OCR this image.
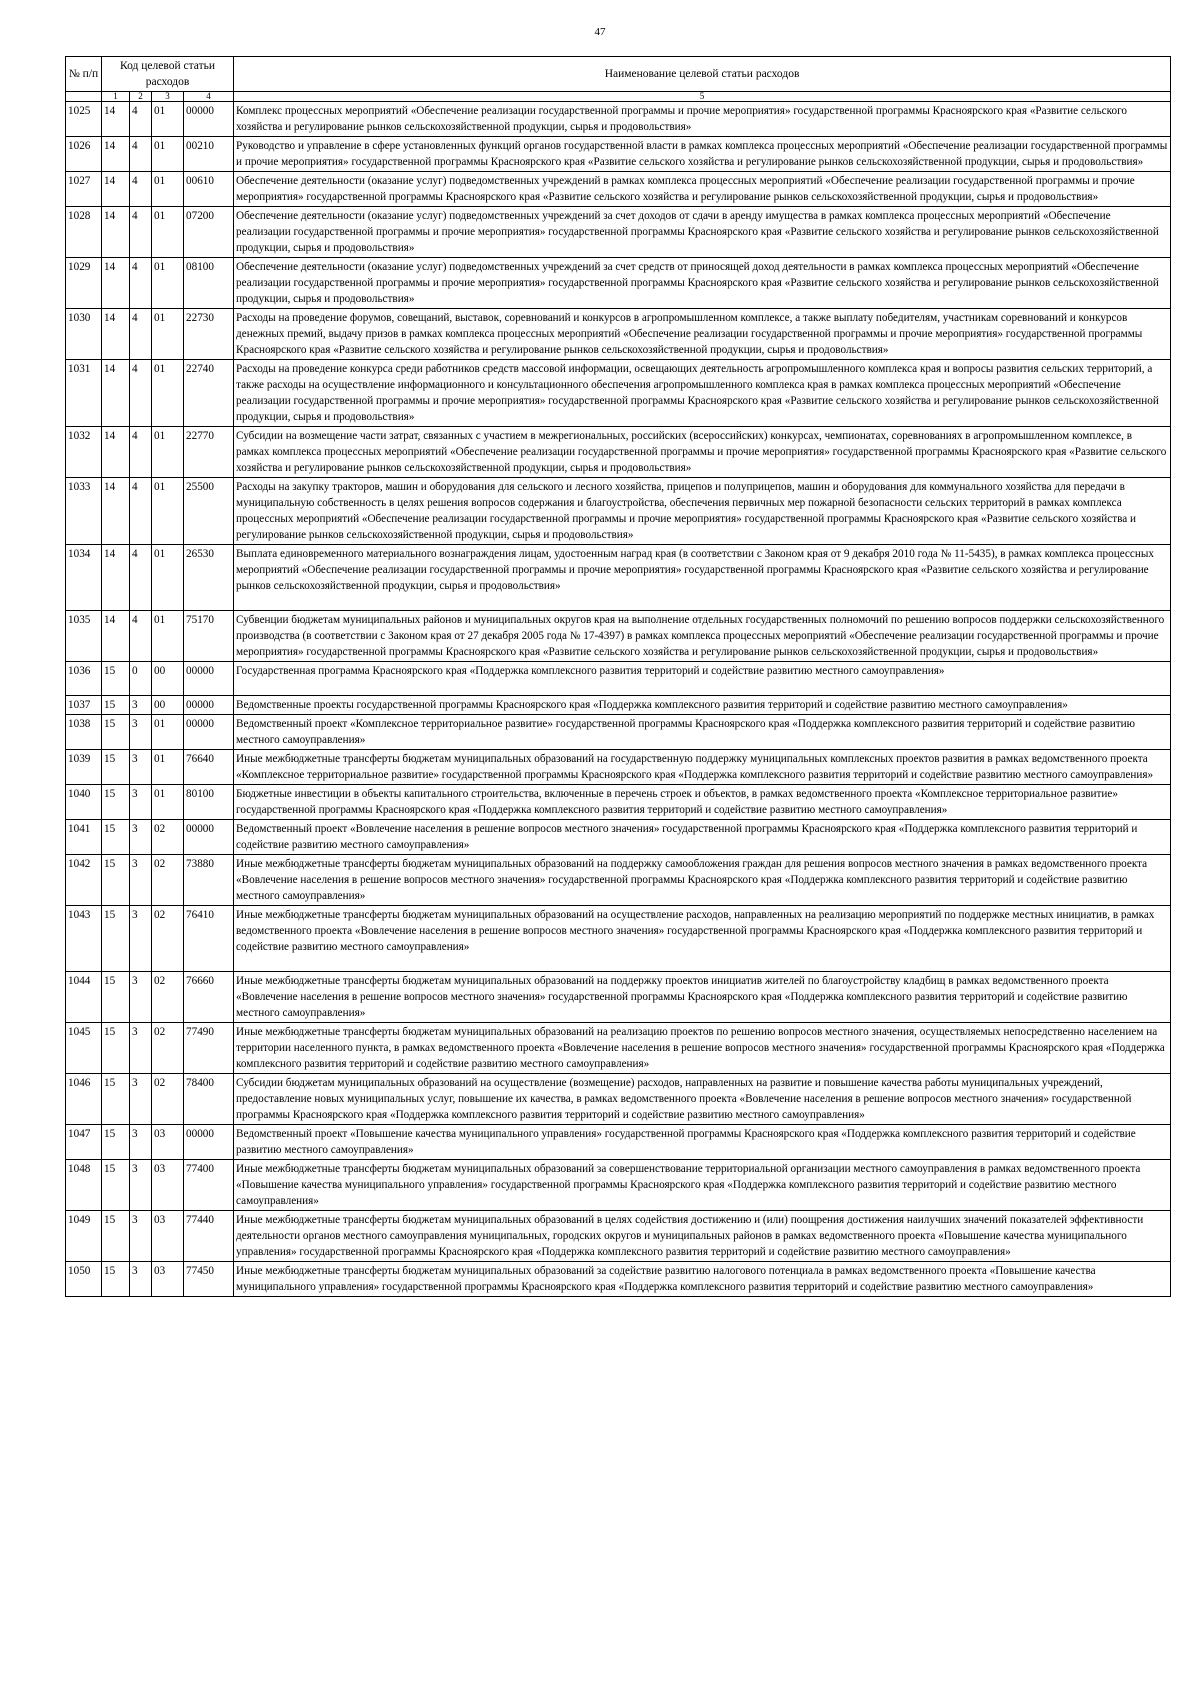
47
№ п/п	Код целевой статьи расходов				Наименование целевой статьи расходов

	1	2	3	4	5
1025	14	4	01	00000	Комплекс процессных мероприятий «Обеспечение реализации государственной программы и прочие мероприятия» государственной программы Красноярского края «Развитие сельского хозяйства и регулирование рынков сельскохозяйственной продукции, сырья и продовольствия»
1026	14	4	01	00210	Руководство и управление в сфере установленных функций органов государственной власти в рамках комплекса процессных мероприятий «Обеспечение реализации государственной программы и прочие мероприятия» государственной программы Красноярского края «Развитие сельского хозяйства и регулирование рынков сельскохозяйственной продукции, сырья и продовольствия»
1027	14	4	01	00610	Обеспечение деятельности (оказание услуг) подведомственных учреждений в рамках комплекса процессных мероприятий «Обеспечение реализации государственной программы и прочие мероприятия» государственной программы Красноярского края «Развитие сельского хозяйства и регулирование рынков сельскохозяйственной продукции, сырья и продовольствия»
1028	14	4	01	07200	Обеспечение деятельности (оказание услуг) подведомственных учреждений за счет доходов от сдачи в аренду имущества в рамках комплекса процессных мероприятий «Обеспечение реализации государственной программы и прочие мероприятия» государственной программы Красноярского края «Развитие сельского хозяйства и регулирование рынков сельскохозяйственной продукции, сырья и продовольствия»
1029	14	4	01	08100	Обеспечение деятельности (оказание услуг) подведомственных учреждений за счет средств от приносящей доход деятельности в рамках комплекса процессных мероприятий «Обеспечение реализации государственной программы и прочие мероприятия» государственной программы Красноярского края «Развитие сельского хозяйства и регулирование рынков сельскохозяйственной продукции, сырья и продовольствия»
1030	14	4	01	22730	Расходы на проведение форумов, совещаний, выставок, соревнований и конкурсов в агропромышленном комплексе, а также выплату победителям, участникам соревнований и конкурсов денежных премий, выдачу призов в рамках комплекса процессных мероприятий «Обеспечение реализации государственной программы и прочие мероприятия» государственной программы Красноярского края «Развитие сельского хозяйства и регулирование рынков сельскохозяйственной продукции, сырья и продовольствия»
1031	14	4	01	22740	Расходы на проведение конкурса среди работников средств массовой информации, освещающих деятельность агропромышленного комплекса края и вопросы развития сельских территорий, а также расходы на осуществление информационного и консультационного обеспечения агропромышленного комплекса края в рамках комплекса процессных мероприятий «Обеспечение реализации государственной программы и прочие мероприятия» государственной программы Красноярского края «Развитие сельского хозяйства и регулирование рынков сельскохозяйственной продукции, сырья и продовольствия»
1032	14	4	01	22770	Субсидии на возмещение части затрат, связанных с участием в межрегиональных, российских (всероссийских) конкурсах, чемпионатах, соревнованиях в агропромышленном комплексе, в рамках комплекса процессных мероприятий «Обеспечение реализации государственной программы и прочие мероприятия» государственной программы Красноярского края «Развитие сельского хозяйства и регулирование рынков сельскохозяйственной продукции, сырья и продовольствия»
1033	14	4	01	25500	Расходы на закупку тракторов, машин и оборудования для сельского и лесного хозяйства, прицепов и полуприцепов, машин и оборудования для коммунального хозяйства для передачи в муниципальную собственность в целях решения вопросов содержания и благоустройства, обеспечения первичных мер пожарной безопасности сельских территорий в рамках комплекса процессных мероприятий «Обеспечение реализации государственной программы и прочие мероприятия» государственной программы Красноярского края «Развитие сельского хозяйства и регулирование рынков сельскохозяйственной продукции, сырья и продовольствия»
1034	14	4	01	26530	Выплата единовременного материального вознаграждения лицам, удостоенным наград края (в соответствии с Законом края от 9 декабря 2010 года № 11-5435), в рамках комплекса процессных мероприятий «Обеспечение реализации государственной программы и прочие мероприятия» государственной программы Красноярского края «Развитие сельского хозяйства и регулирование рынков сельскохозяйственной продукции, сырья и продовольствия»
1035	14	4	01	75170	Субвенции бюджетам муниципальных районов и муниципальных округов края на выполнение отдельных государственных полномочий по решению вопросов поддержки сельскохозяйственного производства (в соответствии с Законом края от 27 декабря 2005 года № 17-4397) в рамках комплекса процессных мероприятий «Обеспечение реализации государственной программы и прочие мероприятия» государственной программы Красноярского края «Развитие сельского хозяйства и регулирование рынков сельскохозяйственной продукции, сырья и продовольствия»
1036	15	0	00	00000	Государственная программа Красноярского края «Поддержка комплексного развития территорий и содействие развитию местного самоуправления»
1037	15	3	00	00000	Ведомственные проекты государственной программы Красноярского края «Поддержка комплексного развития территорий и содействие развитию местного самоуправления»
1038	15	3	01	00000	Ведомственный проект «Комплексное территориальное развитие» государственной программы Красноярского края «Поддержка комплексного развития территорий и содействие развитию местного самоуправления»
1039	15	3	01	76640	Иные межбюджетные трансферты бюджетам муниципальных образований на государственную поддержку муниципальных комплексных проектов развития в рамках ведомственного проекта «Комплексное территориальное развитие» государственной программы Красноярского края «Поддержка комплексного развития территорий и содействие развитию местного самоуправления»
1040	15	3	01	80100	Бюджетные инвестиции в объекты капитального строительства, включенные в перечень строек и объектов, в рамках ведомственного проекта «Комплексное территориальное развитие» государственной программы Красноярского края «Поддержка комплексного развития территорий и содействие развитию местного самоуправления»
1041	15	3	02	00000	Ведомственный проект «Вовлечение населения в решение вопросов местного значения» государственной программы Красноярского края «Поддержка комплексного развития территорий и содействие развитию местного самоуправления»
1042	15	3	02	73880	Иные межбюджетные трансферты бюджетам муниципальных образований на поддержку самообложения граждан для решения вопросов местного значения в рамках ведомственного проекта «Вовлечение населения в решение вопросов местного значения» государственной программы Красноярского края «Поддержка комплексного развития территорий и содействие развитию местного самоуправления»
1043	15	3	02	76410	Иные межбюджетные трансферты бюджетам муниципальных образований на осуществление расходов, направленных на реализацию мероприятий по поддержке местных инициатив, в рамках ведомственного проекта «Вовлечение населения в решение вопросов местного значения» государственной программы Красноярского края «Поддержка комплексного развития территорий и содействие развитию местного самоуправления»
1044	15	3	02	76660	Иные межбюджетные трансферты бюджетам муниципальных образований на поддержку проектов инициатив жителей по благоустройству кладбищ в рамках ведомственного проекта «Вовлечение населения в решение вопросов местного значения» государственной программы Красноярского края «Поддержка комплексного развития территорий и содействие развитию местного самоуправления»
1045	15	3	02	77490	Иные межбюджетные трансферты бюджетам муниципальных образований на реализацию проектов по решению вопросов местного значения, осуществляемых непосредственно населением на территории населенного пункта, в рамках ведомственного проекта «Вовлечение населения в решение вопросов местного значения» государственной программы Красноярского края «Поддержка комплексного развития территорий и содействие развитию местного самоуправления»
1046	15	3	02	78400	Субсидии бюджетам муниципальных образований на осуществление (возмещение) расходов, направленных на развитие и повышение качества работы муниципальных учреждений, предоставление новых муниципальных услуг, повышение их качества, в рамках ведомственного проекта «Вовлечение населения в решение вопросов местного значения» государственной программы Красноярского края «Поддержка комплексного развития территорий и содействие развитию местного самоуправления»
1047	15	3	03	00000	Ведомственный проект «Повышение качества муниципального управления» государственной программы Красноярского края «Поддержка комплексного развития территорий и содействие развитию местного самоуправления»
1048	15	3	03	77400	Иные межбюджетные трансферты бюджетам муниципальных образований за совершенствование территориальной организации местного самоуправления в рамках ведомственного проекта «Повышение качества муниципального управления» государственной программы Красноярского края «Поддержка комплексного развития территорий и содействие развитию местного самоуправления»
1049	15	3	03	77440	Иные межбюджетные трансферты бюджетам муниципальных образований в целях содействия достижению и (или) поощрения достижения наилучших значений показателей эффективности деятельности органов местного самоуправления муниципальных, городских округов и муниципальных районов в рамках ведомственного проекта «Повышение качества муниципального управления» государственной программы Красноярского края «Поддержка комплексного развития территорий и содействие развитию местного самоуправления»
1050	15	3	03	77450	Иные межбюджетные трансферты бюджетам муниципальных образований за содействие развитию налогового потенциала в рамках ведомственного проекта «Повышение качества муниципального управления» государственной программы Красноярского края «Поддержка комплексного развития территорий и содействие развитию местного самоуправления»
